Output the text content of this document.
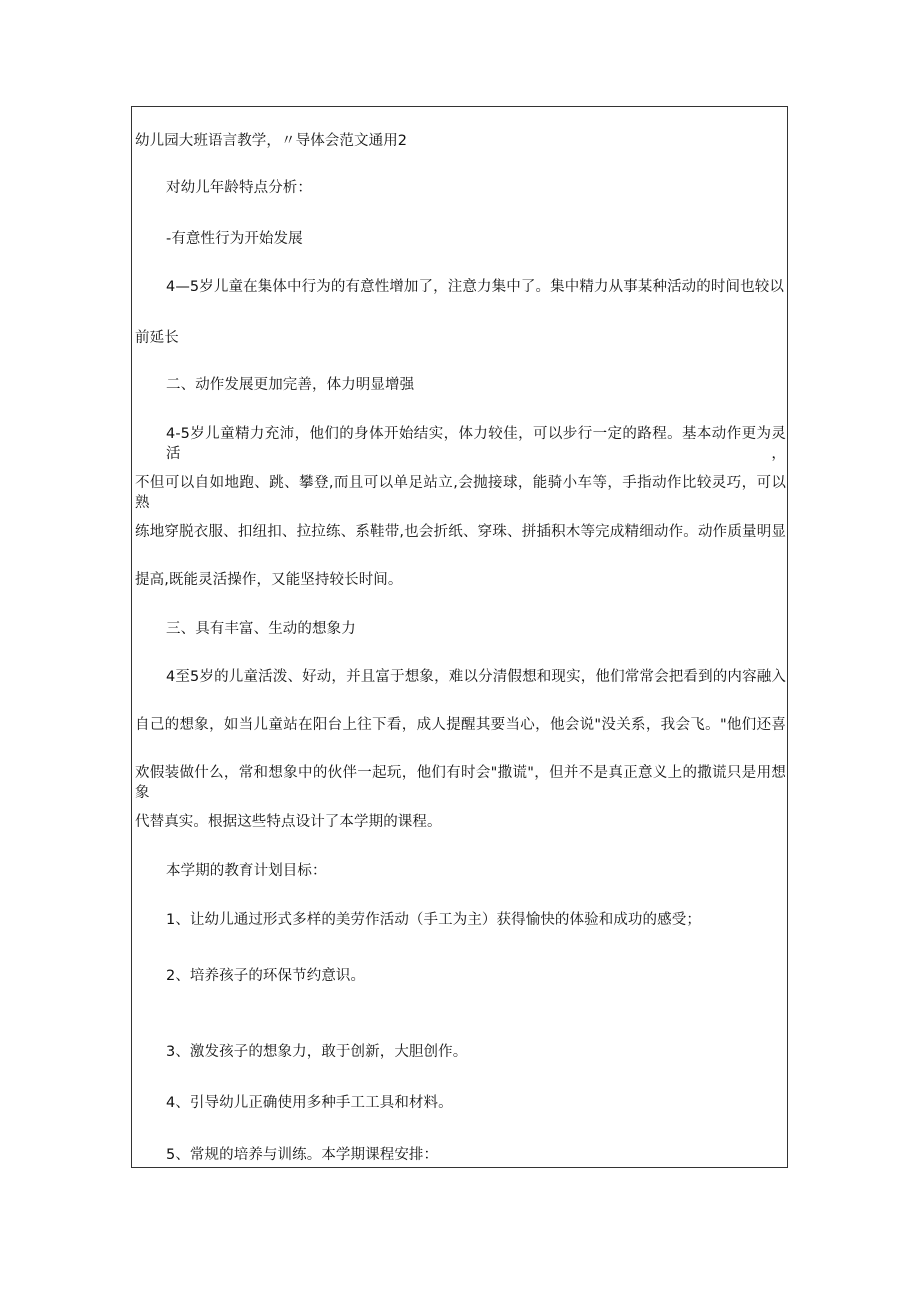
幼儿园大班语言教学，〃导体会范文通用2
对幼儿年龄特点分析：
-有意性行为开始发展
4—5岁儿童在集体中行为的有意性增加了，注意力集中了。集中精力从事某种活动的时间也较以
前延长
二、动作发展更加完善，体力明显增强
4-5岁儿童精力充沛，他们的身体开始结实，体力较佳，可以步行一定的路程。基本动作更为灵活，
不但可以自如地跑、跳、攀登,而且可以单足站立,会抛接球，能骑小车等，手指动作比较灵巧，可以熟
练地穿脱衣服、扣纽扣、拉拉练、系鞋带,也会折纸、穿珠、拼插积木等完成精细动作。动作质量明显
提高,既能灵活操作，又能坚持较长时间。
三、具有丰富、生动的想象力
4至5岁的儿童活泼、好动，并且富于想象，难以分清假想和现实，他们常常会把看到的内容融入
自己的想象，如当儿童站在阳台上往下看，成人提醒其要当心，他会说"没关系，我会飞。"他们还喜
欢假装做什么，常和想象中的伙伴一起玩，他们有时会"撒谎"，但并不是真正意义上的撒谎只是用想象
代替真实。根据这些特点设计了本学期的课程。
本学期的教育计划目标：
1、让幼儿通过形式多样的美劳作活动（手工为主）获得愉快的体验和成功的感受；
2、培养孩子的环保节约意识。
3、激发孩子的想象力，敢于创新，大胆创作。
4、引导幼儿正确使用多种手工工具和材料。
5、常规的培养与训练。本学期课程安排：
